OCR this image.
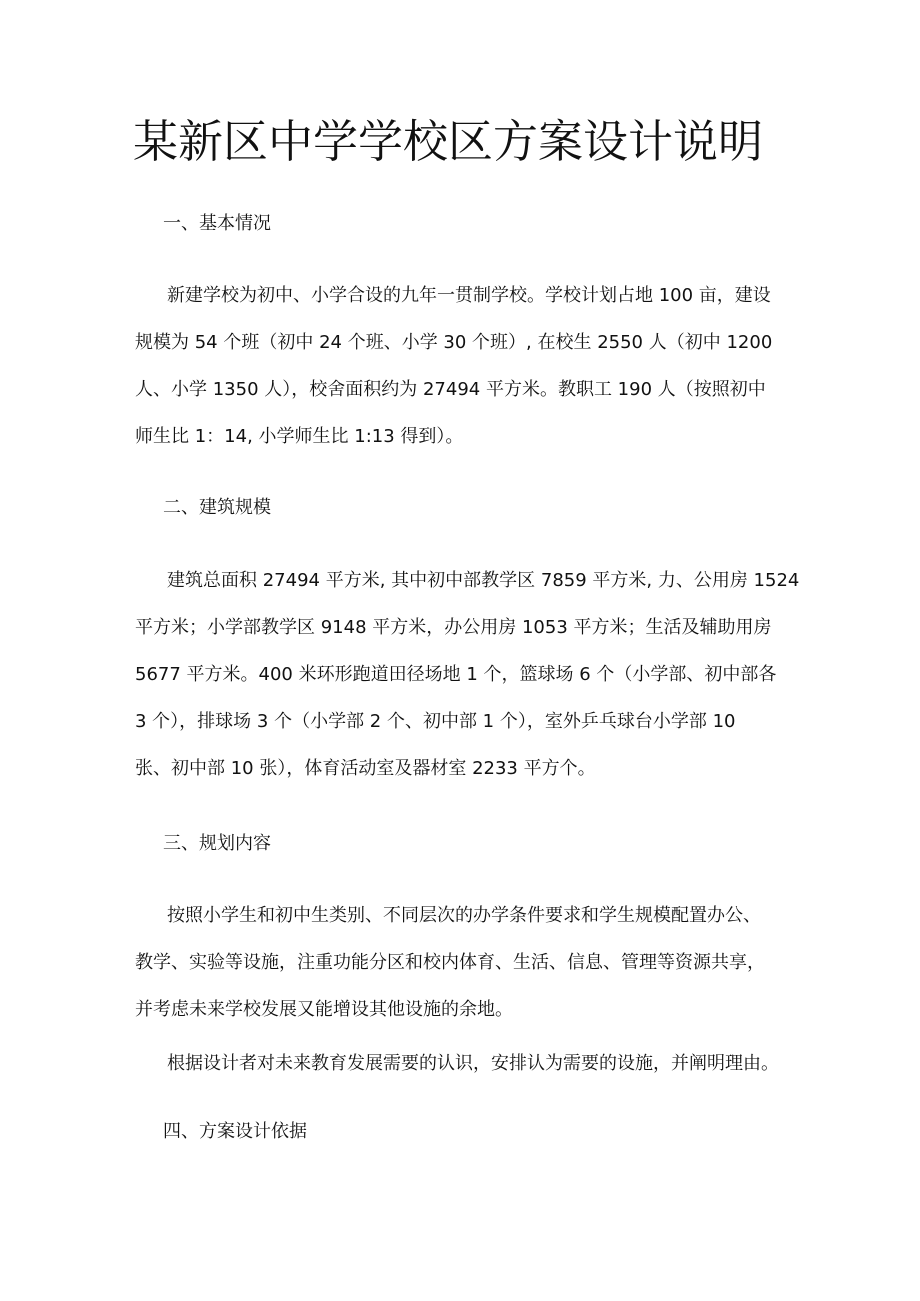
某新区中学学校区方案设计说明
一、基本情况
新建学校为初中、小学合设的九年一贯制学校。学校计划占地 100 亩，建设
规模为 54 个班（初中 24 个班、小学 30 个班）, 在校生 2550 人（初中 1200
人、小学 1350 人），校舍面积约为 27494 平方米。教职工 190 人（按照初中
师生比 1：14, 小学师生比 1:13 得到）。
二、建筑规模
建筑总面积 27494 平方米, 其中初中部教学区 7859 平方米, 力、公用房 1524
平方米；小学部教学区 9148 平方米，办公用房 1053 平方米；生活及辅助用房
5677 平方米。400 米环形跑道田径场地 1 个，篮球场 6 个（小学部、初中部各
3 个），排球场 3 个（小学部 2 个、初中部 1 个），室外乒乓球台小学部 10
张、初中部 10 张），体育活动室及器材室 2233 平方个。
三、规划内容
按照小学生和初中生类别、不同层次的办学条件要求和学生规模配置办公、
教学、实验等设施，注重功能分区和校内体育、生活、信息、管理等资源共享，
并考虑未来学校发展又能增设其他设施的余地。
根据设计者对未来教育发展需要的认识，安排认为需要的设施，并阐明理由。
四、方案设计依据
